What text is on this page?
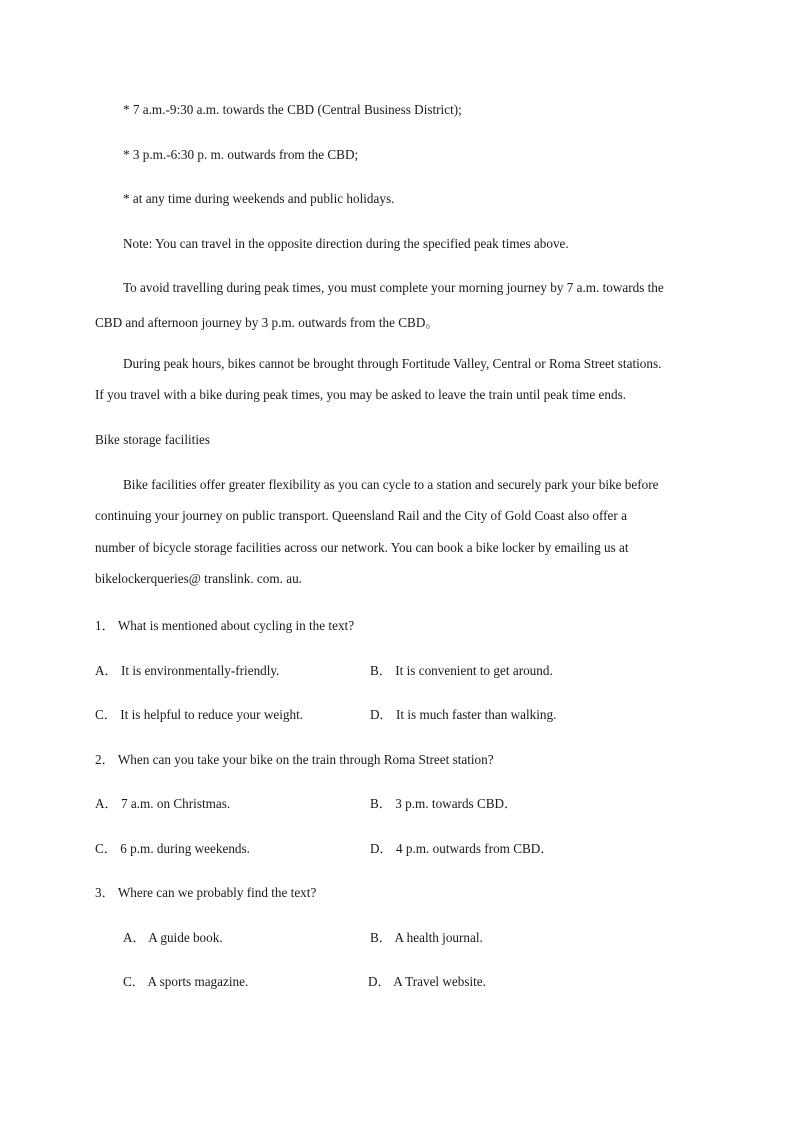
* 7 a.m.-9:30 a.m. towards the CBD (Central Business District);
* 3 p.m.-6:30 p. m. outwards from the CBD;
* at any time during weekends and public holidays.
Note: You can travel in the opposite direction during the specified peak times above.
To avoid travelling during peak times, you must complete your morning journey by 7 a.m. towards the
CBD and afternoon journey by 3 p.m. outwards from the CBD。
During peak hours, bikes cannot be brought through Fortitude Valley, Central or Roma Street stations.
If you travel with a bike during peak times, you may be asked to leave the train until peak time ends.
Bike storage facilities
Bike facilities offer greater flexibility as you can cycle to a station and securely park your bike before
continuing your journey on public transport. Queensland Rail and the City of Gold Coast also offer a
number of bicycle storage facilities across our network. You can book a bike locker by emailing us at
bikelockerqueries@ translink. com. au.
1． What is mentioned about cycling in the text?
A． It is environmentally-friendly.	B． It is convenient to get around.
C． It is helpful to reduce your weight.	D． It is much faster than walking.
2． When can you take your bike on the train through Roma Street station?
A． 7 a.m. on Christmas.	B． 3 p.m. towards CBD．
C． 6 p.m. during weekends.	D． 4 p.m. outwards from CBD．
3． Where can we probably find the text?
A． A guide book.	B． A health journal.
C． A sports magazine.	D． A Travel website.
